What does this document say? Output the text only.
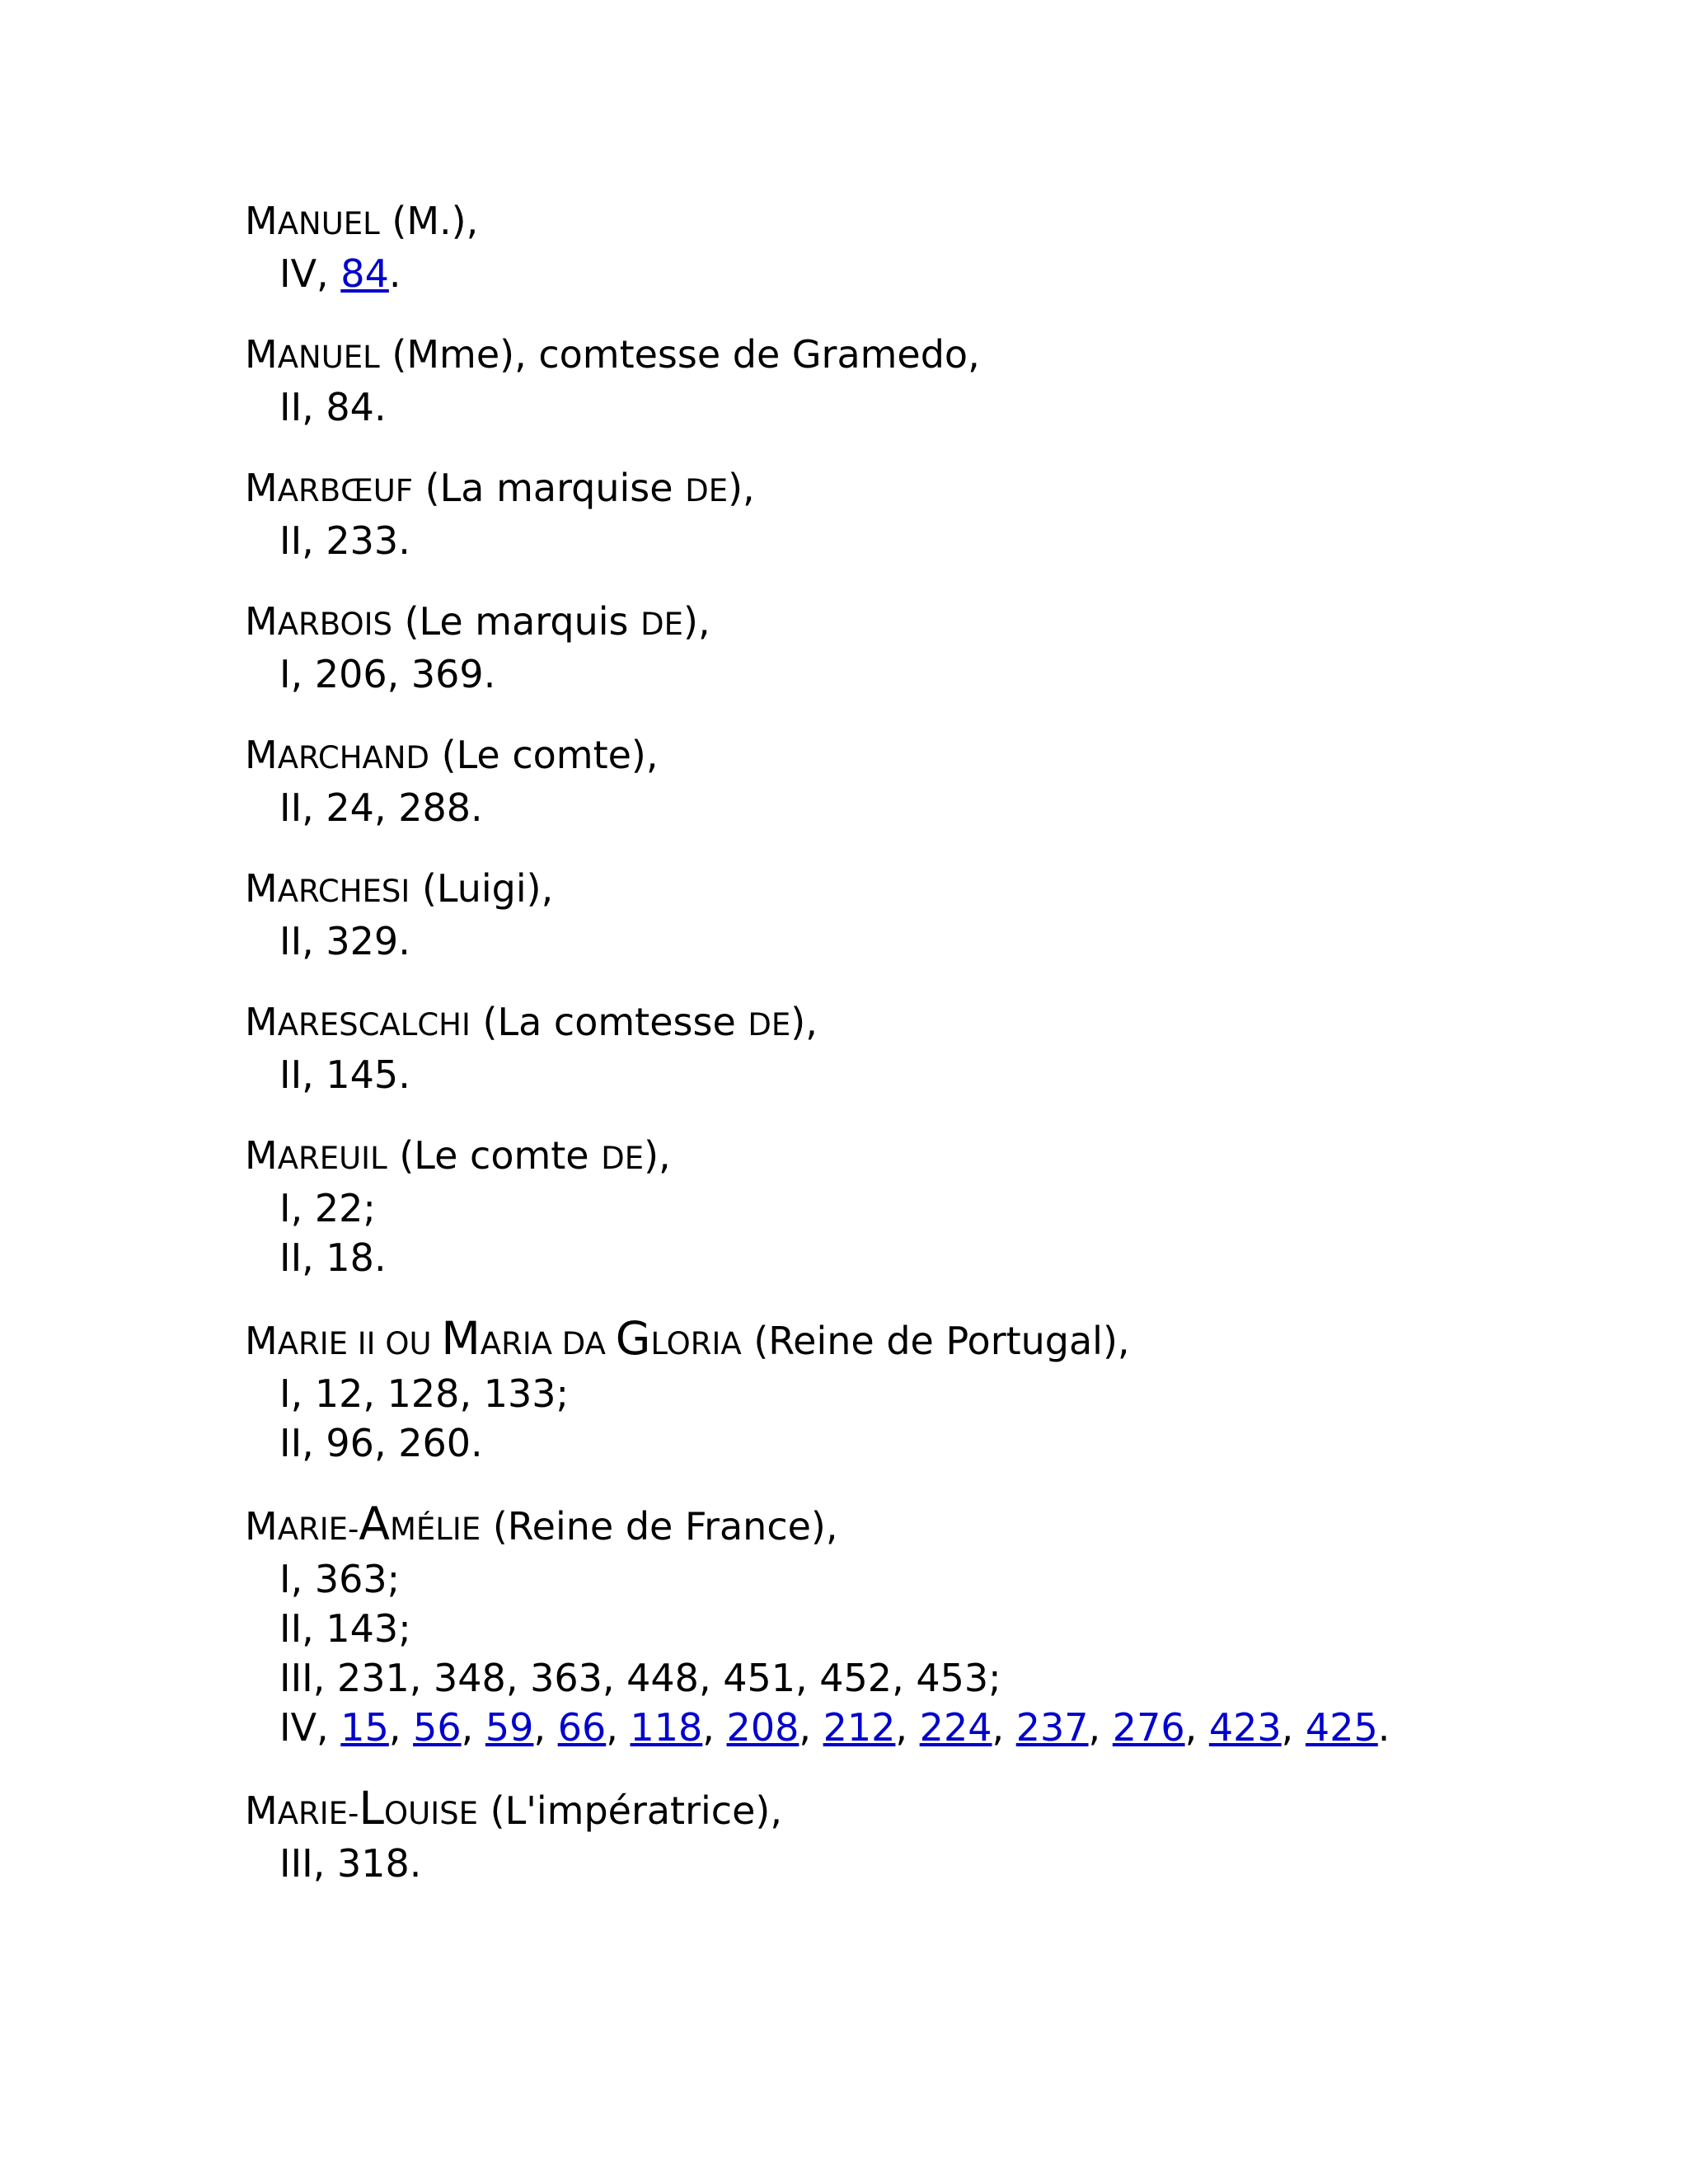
MANUEL (M.),
IV, 84.
MANUEL (Mme), comtesse de Gramedo,
II, 84.
MARBŒUF (La marquise DE),
II, 233.
MARBOIS (Le marquis DE),
I, 206, 369.
MARCHAND (Le comte),
II, 24, 288.
MARCHESI (Luigi),
II, 329.
MARESCALCHI (La comtesse DE),
II, 145.
MAREUIL (Le comte DE),
I, 22;
II, 18.
MARIE II OU MARIA DA GLORIA (Reine de Portugal),
I, 12, 128, 133;
II, 96, 260.
MARIE-AMÉLIE (Reine de France),
I, 363;
II, 143;
III, 231, 348, 363, 448, 451, 452, 453;
IV, 15, 56, 59, 66, 118, 208, 212, 224, 237, 276, 423, 425.
MARIE-LOUISE (L'impératrice),
III, 318.
